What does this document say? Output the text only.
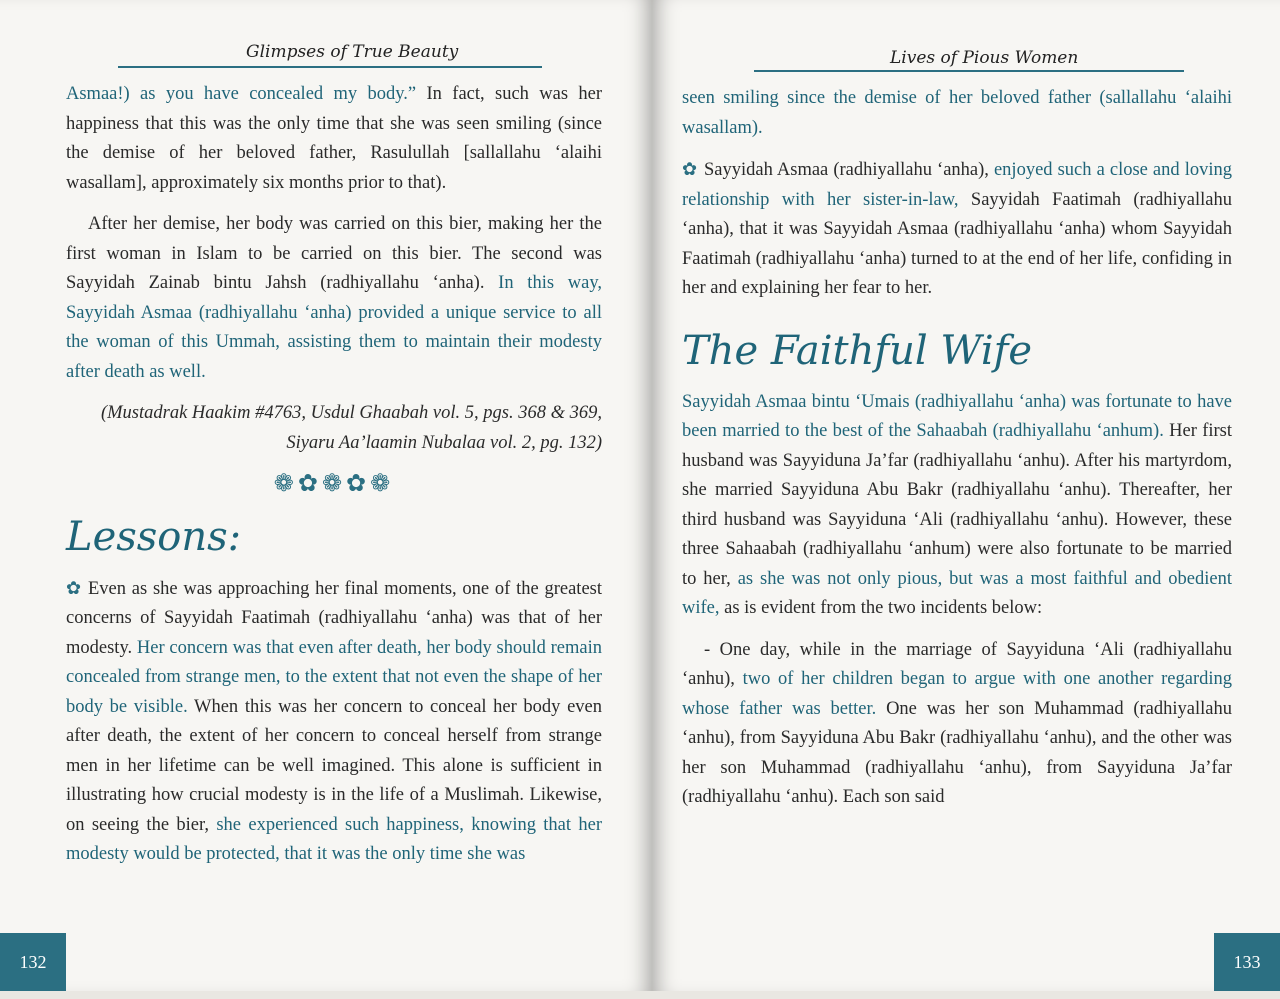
Glimpses of True Beauty

Asmaa!) as you have concealed my body.” In fact, such was her happiness that this was the only time that she was seen smiling (since the demise of her beloved father, Rasulullah [sallallahu ‘alaihi wasallam], approximately six months prior to that).

After her demise, her body was carried on this bier, making her the first woman in Islam to be carried on this bier. The second was Sayyidah Zainab bintu Jahsh (radhiyallahu ‘anha). In this way, Sayyidah Asmaa (radhiyallahu ‘anha) provided a unique service to all the woman of this Ummah, assisting them to maintain their modesty after death as well.

(Mustadrak Haakim #4763, Usdul Ghaabah vol. 5, pgs. 368 & 369, Siyaru Aa’laamin Nubalaa vol. 2, pg. 132)

❁✿❁✿❁

Lessons:

✿ Even as she was approaching her final moments, one of the greatest concerns of Sayyidah Faatimah (radhiyallahu ‘anha) was that of her modesty. Her concern was that even after death, her body should remain concealed from strange men, to the extent that not even the shape of her body be visible. When this was her concern to conceal her body even after death, the extent of her concern to conceal herself from strange men in her lifetime can be well imagined. This alone is sufficient in illustrating how crucial modesty is in the life of a Muslimah. Likewise, on seeing the bier, she experienced such happiness, knowing that her modesty would be protected, that it was the only time she was

132
Lives of Pious Women

seen smiling since the demise of her beloved father (sallallahu ‘alaihi wasallam).

✿ Sayyidah Asmaa (radhiyallahu ‘anha), enjoyed such a close and loving relationship with her sister-in-law, Sayyidah Faatimah (radhiyallahu ‘anha), that it was Sayyidah Asmaa (radhiyallahu ‘anha) whom Sayyidah Faatimah (radhiyallahu ‘anha) turned to at the end of her life, confiding in her and explaining her fear to her.

The Faithful Wife

Sayyidah Asmaa bintu ‘Umais (radhiyallahu ‘anha) was fortunate to have been married to the best of the Sahaabah (radhiyallahu ‘anhum). Her first husband was Sayyiduna Ja’far (radhiyallahu ‘anhu). After his martyrdom, she married Sayyiduna Abu Bakr (radhiyallahu ‘anhu). Thereafter, her third husband was Sayyiduna ‘Ali (radhiyallahu ‘anhu). However, these three Sahaabah (radhiyallahu ‘anhum) were also fortunate to be married to her, as she was not only pious, but was a most faithful and obedient wife, as is evident from the two incidents below:

- One day, while in the marriage of Sayyiduna ‘Ali (radhiyallahu ‘anhu), two of her children began to argue with one another regarding whose father was better. One was her son Muhammad (radhiyallahu ‘anhu), from Sayyiduna Abu Bakr (radhiyallahu ‘anhu), and the other was her son Muhammad (radhiyallahu ‘anhu), from Sayyiduna Ja’far (radhiyallahu ‘anhu). Each son said

133
